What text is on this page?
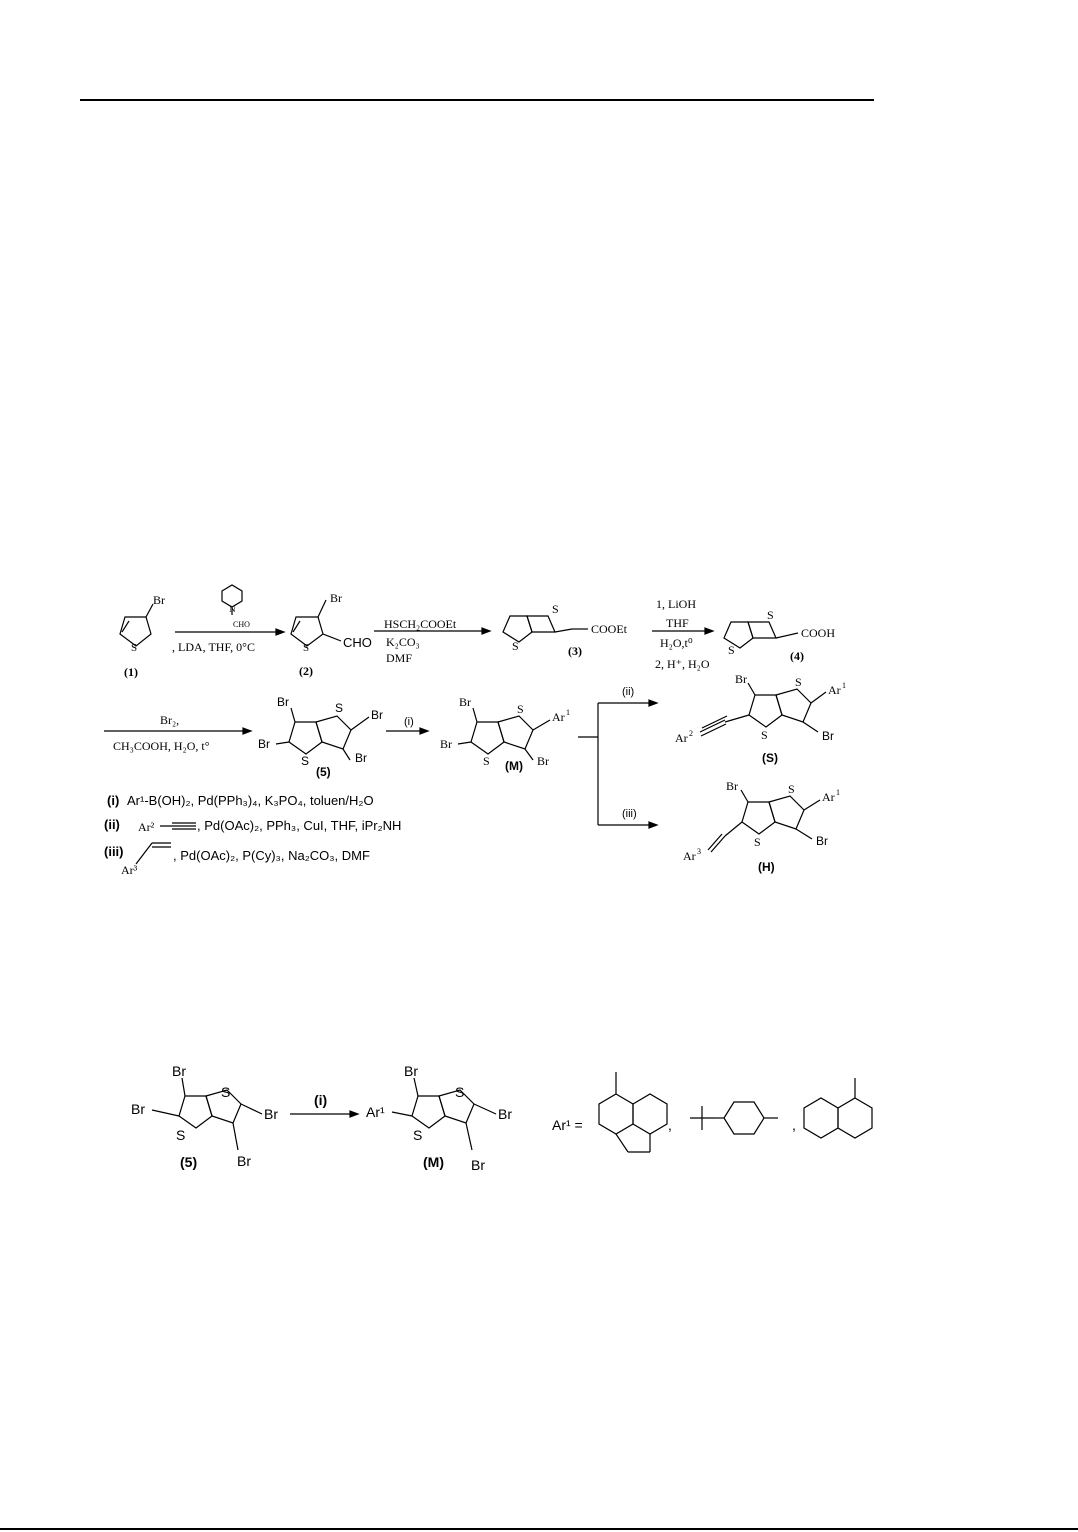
Br
S
(1)
N
CHO
, LDA, THF, 0°C
Br
CHO
S
(2)
HSCH₂COOEt
K₂CO₃
DMF
S
S
COOEt
(3)
1, LiOH
THF
H₂O,t⁰
2, H⁺, H₂O
S
S
COOH
(4)
Br₂,
CH₃COOH, H₂O, t°
Br
Br
Br
Br
S
S
(5)
(i)
Br
Br
Br
S
S
Ar 1
(M)
(ii)
(iii)
Br	S
S
Ar 1
Br
Ar 2
(S)
Br	S
S
Ar 1
Br
Ar 3
(H)
(i) Ar¹-B(OH)₂, Pd(PPh₃)₄, K₃PO₄, toluen/H₂O
(ii) Ar²	, Pd(OAc)₂, PPh₃, CuI, THF, iPr₂NH
(iii)
Ar³
, Pd(OAc)₂, P(Cy)₃, Na₂CO₃, DMF
Br
Br	Br
Br
S
S
(5)
(i)
Br
Ar¹	Br
Br
S
S
(M)
Ar¹ =	,	,
